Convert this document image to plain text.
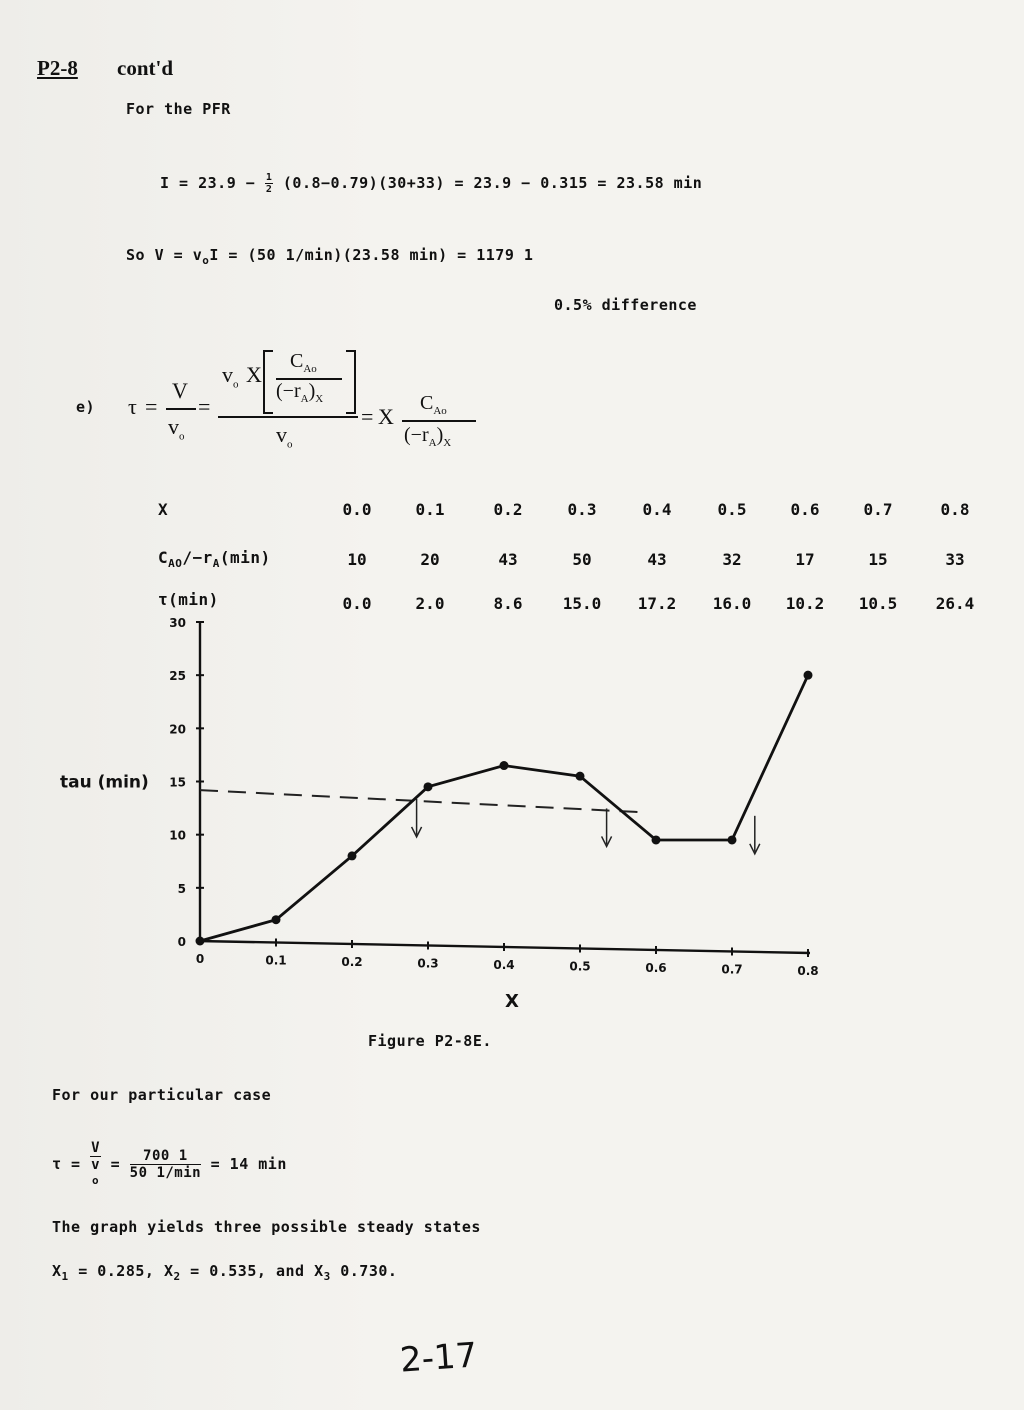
P2-8 cont'd
For the PFR
$I = 23.9 - \frac{1}{2} (0.8-0.79)(30+33) = 23.9 - 0.315 = 23.58$ min
So $V = v_oI = (50$ 1/min)(23.58 min) = 1179 1
0.5% difference
e) τ =
V
$v_o$
=
$v_o$ X
$C_{Ao}$
$(-r_A)_X$
$v_o$
= X
$C_{Ao}$
$(-r_A)_X$
X
$C_{AO}/-r_A(\min)$
τ(min)
0.0	0.1	0.2	0.3	0.4	0.5	0.6	0.7	0.8
10	20	43	50	43	32	17	15	33
0.0	2.0	8.6	15.0	17.2	16.0	10.2	10.5	26.4
0
5
10
15
20
25
30
0	0.1	0.2	0.3	0.4	0.5	0.6	0.7	0.8
tau (min)
X
Figure P2-8E.
For our particular case
τ = V
v
$o = \frac{700 1}{50 1/\min} = 14$ min
The graph yields three possible steady states
$X_1 = 0.285$, $X_2 = 0.535$, and $X_3$ 0.730.
2-17
